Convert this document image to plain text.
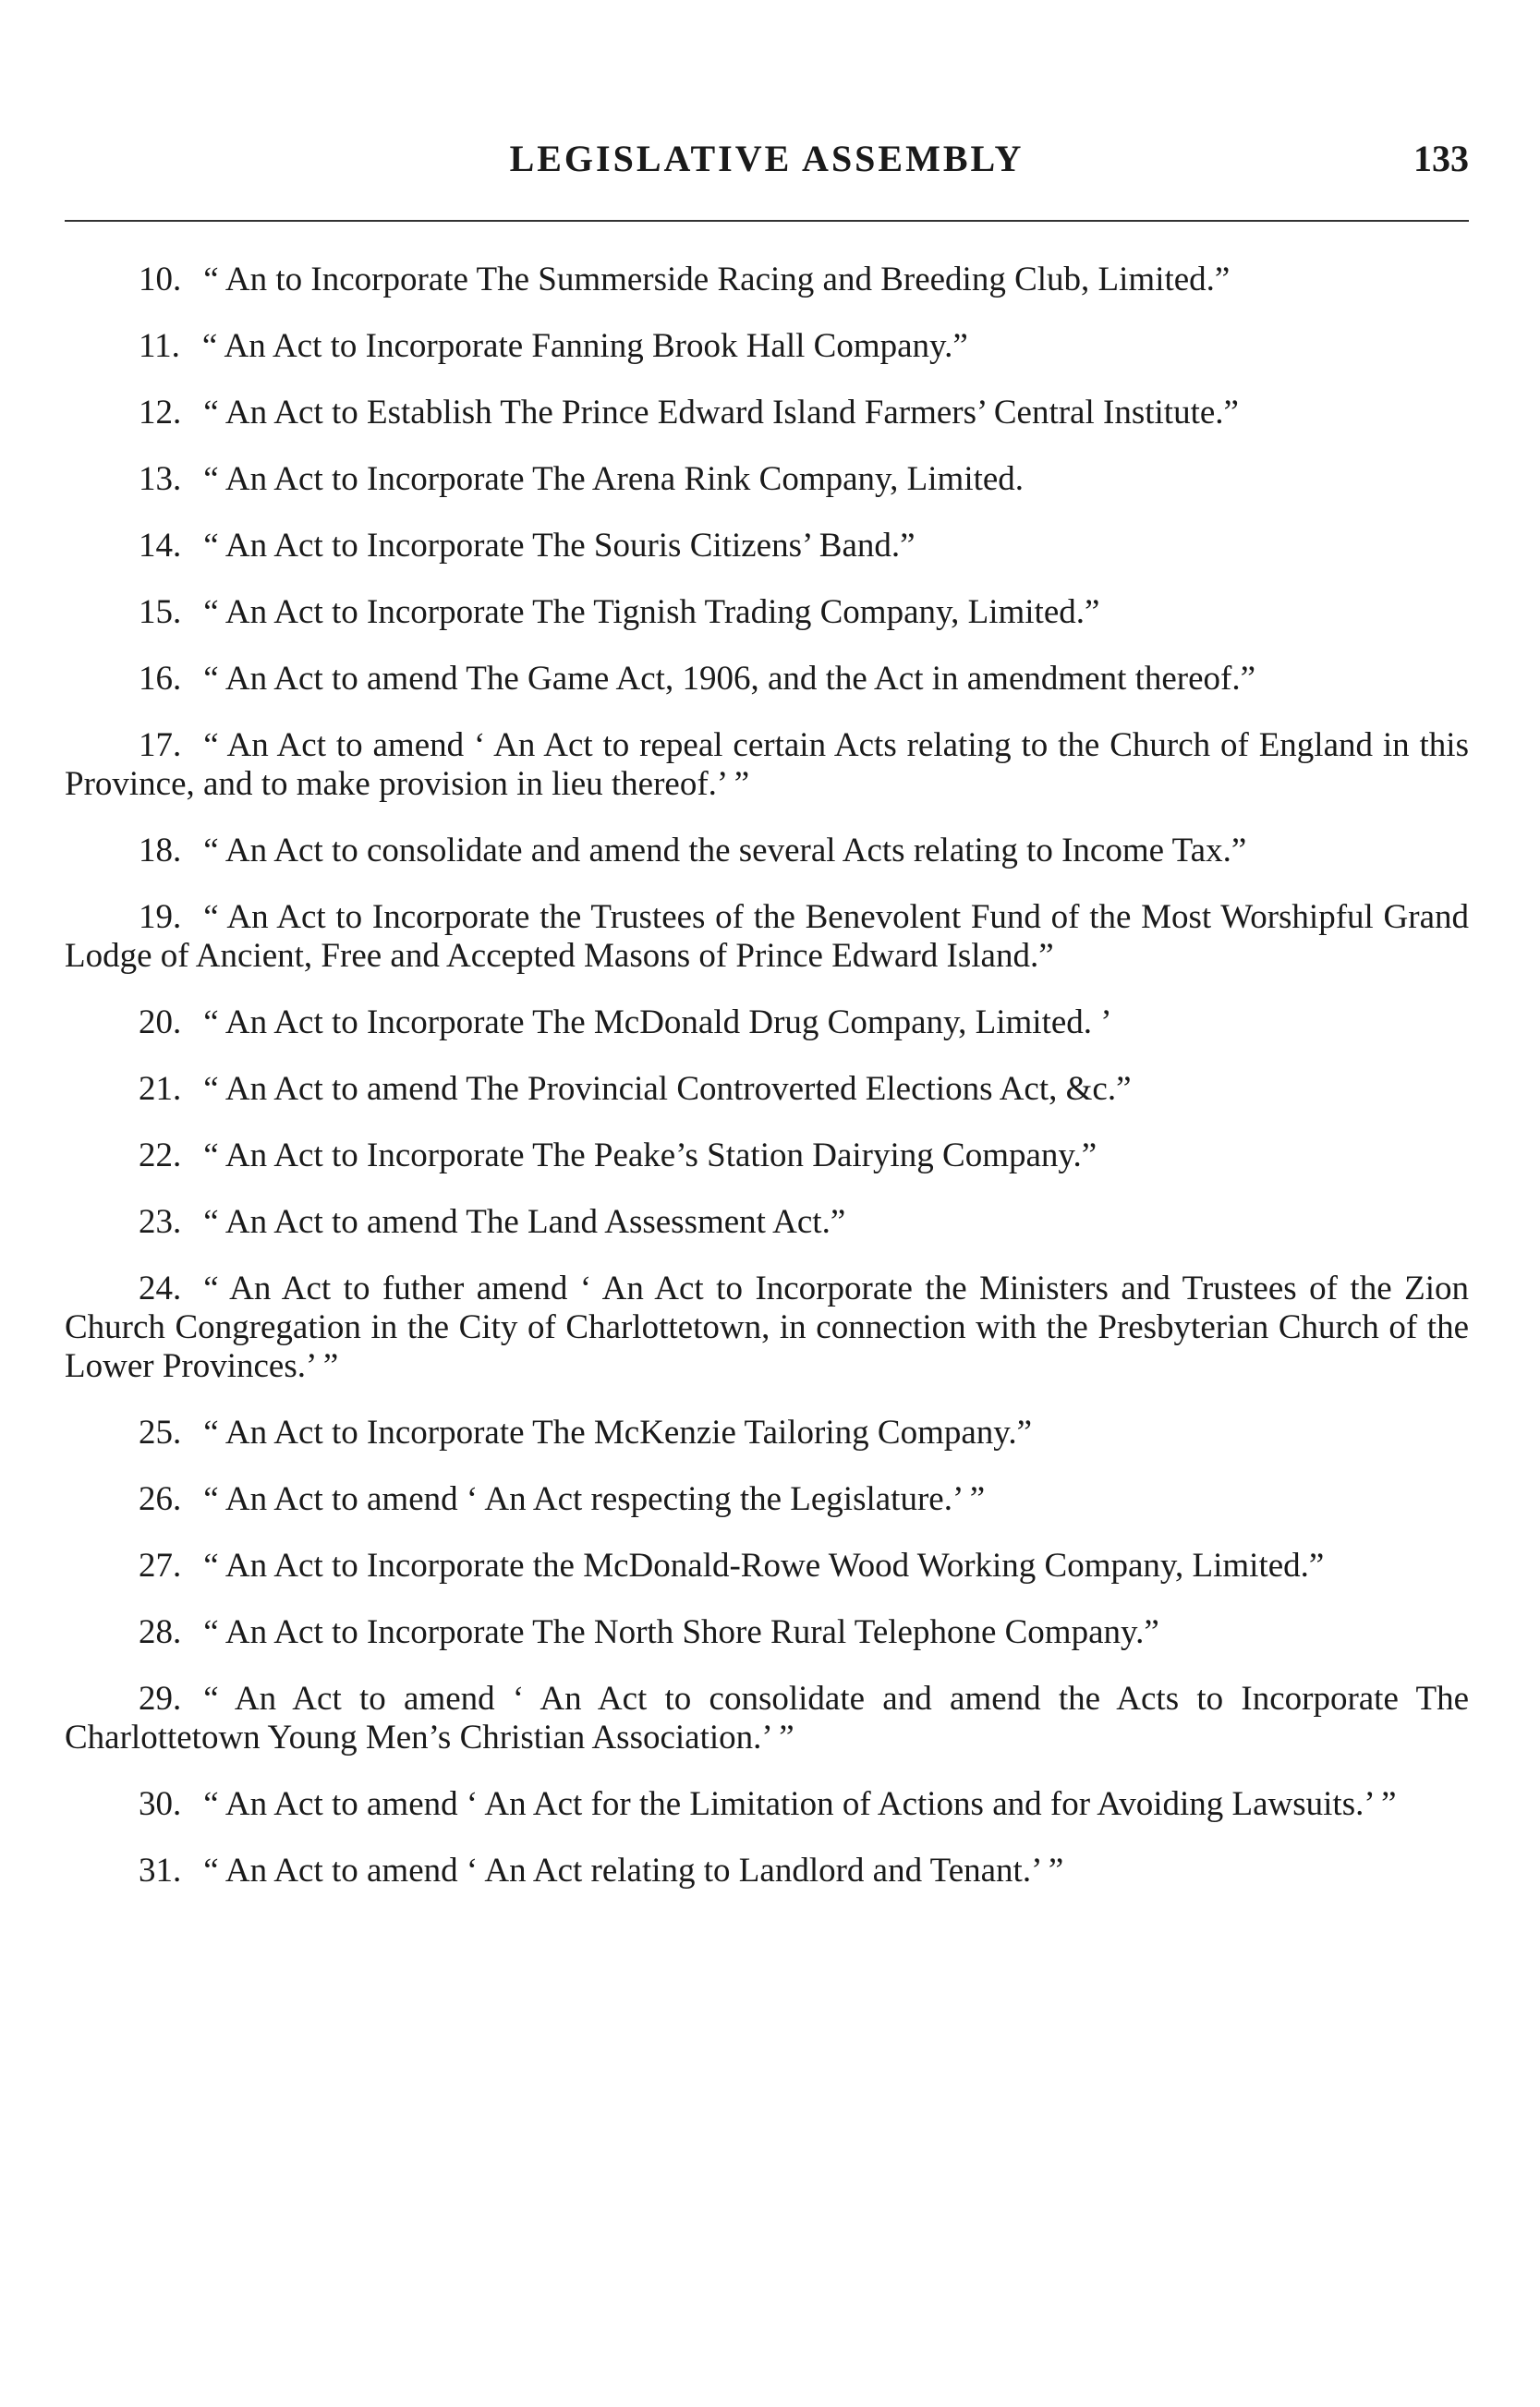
LEGISLATIVE ASSEMBLY	133
10. “ An to Incorporate The Summerside Racing and Breeding Club, Limited.”
11. “ An Act to Incorporate Fanning Brook Hall Company.”
12. “ An Act to Establish The Prince Edward Island Farmers’ Central Institute.”
13. “ An Act to Incorporate The Arena Rink Company, Limited.
14. “ An Act to Incorporate The Souris Citizens’ Band.”
15. “ An Act to Incorporate The Tignish Trading Company, Limited.”
16. “ An Act to amend The Game Act, 1906, and the Act in amendment thereof.”
17. “ An Act to amend ‘ An Act to repeal certain Acts relating to the Church of England in this Province, and to make provision in lieu thereof.’ ”
18. “ An Act to consolidate and amend the several Acts relating to Income Tax.”
19. “ An Act to Incorporate the Trustees of the Benevolent Fund of the Most Worshipful Grand Lodge of Ancient, Free and Accepted Masons of Prince Edward Island.”
20. “ An Act to Incorporate The McDonald Drug Company, Limited. ’
21. “ An Act to amend The Provincial Controverted Elections Act, &c.”
22. “ An Act to Incorporate The Peake’s Station Dairying Company.”
23. “ An Act to amend The Land Assessment Act.”
24. “ An Act to futher amend ‘ An Act to Incorporate the Ministers and Trustees of the Zion Church Congregation in the City of Charlottetown, in connection with the Presbyterian Church of the Lower Provinces.’ ”
25. “ An Act to Incorporate The McKenzie Tailoring Company.”
26. “ An Act to amend ‘ An Act respecting the Legislature.’ ”
27. “ An Act to Incorporate the McDonald-Rowe Wood Working Company, Limited.”
28. “ An Act to Incorporate The North Shore Rural Telephone Company.”
29. “ An Act to amend ‘ An Act to consolidate and amend the Acts to Incorporate The Charlottetown Young Men’s Christian Association.’ ”
30. “ An Act to amend ‘ An Act for the Limitation of Actions and for Avoiding Lawsuits.’ ”
31. “ An Act to amend ‘ An Act relating to Landlord and Tenant.’ ”
